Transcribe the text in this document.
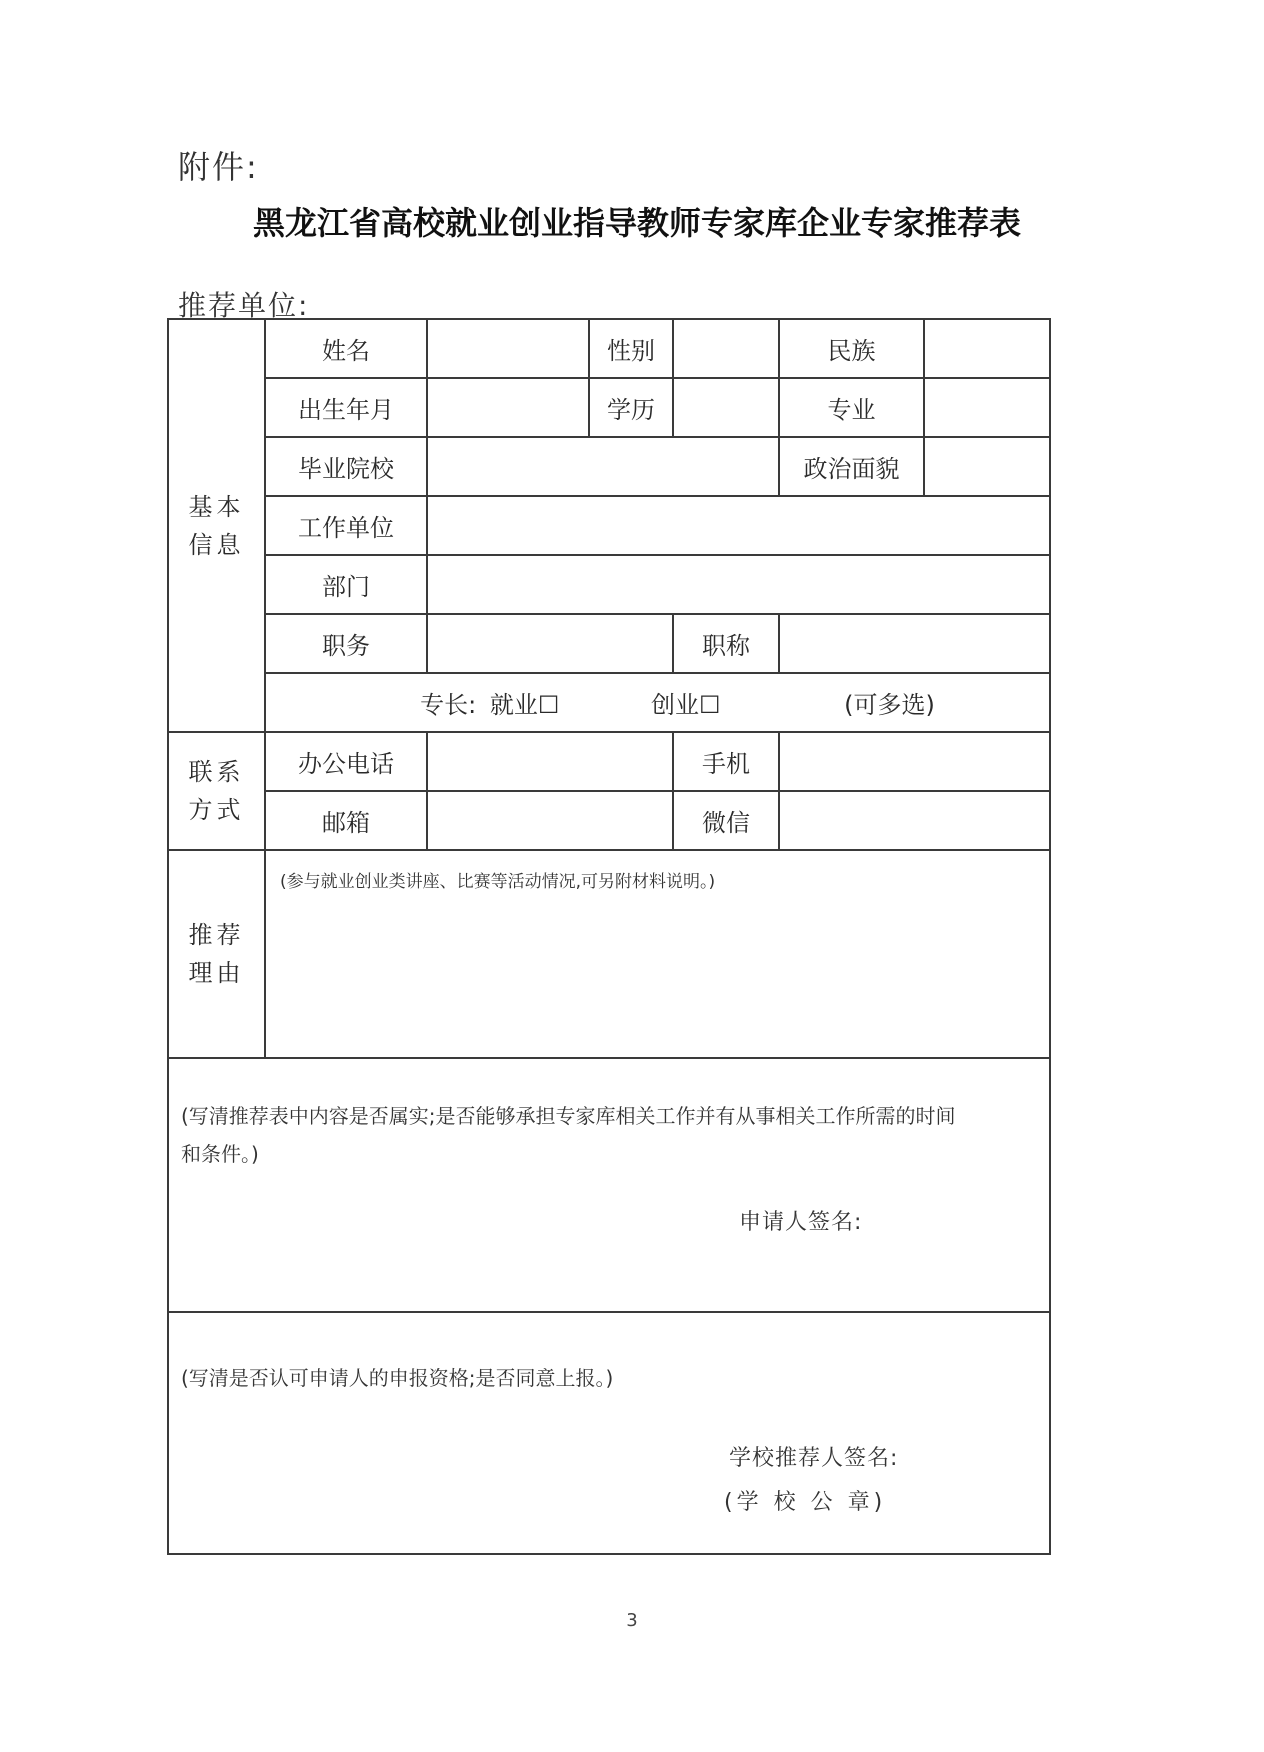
附件:
黑龙江省高校就业创业指导教师专家库企业专家推荐表
推荐单位:
基本
信息	姓名		性别		民族	
	出生年月		学历		专业	
	毕业院校				政治面貌	
	工作单位					
	部门					
	职务			职称		
	专长: 就业☐ 创业☐ (可多选)					
联系
方式	办公电话			手机		
	邮箱			微信		
推荐
理由	(参与就业创业类讲座、比赛等活动情况,可另附材料说明。)					

(写清推荐表中内容是否属实;是否能够承担专家库相关工作并有从事相关工作所需的时间
和条件。)
申请人签名:						

(写清是否认可申请人的申报资格;是否同意上报。)
学校推荐人签名:
(学 校 公 章)						
3
